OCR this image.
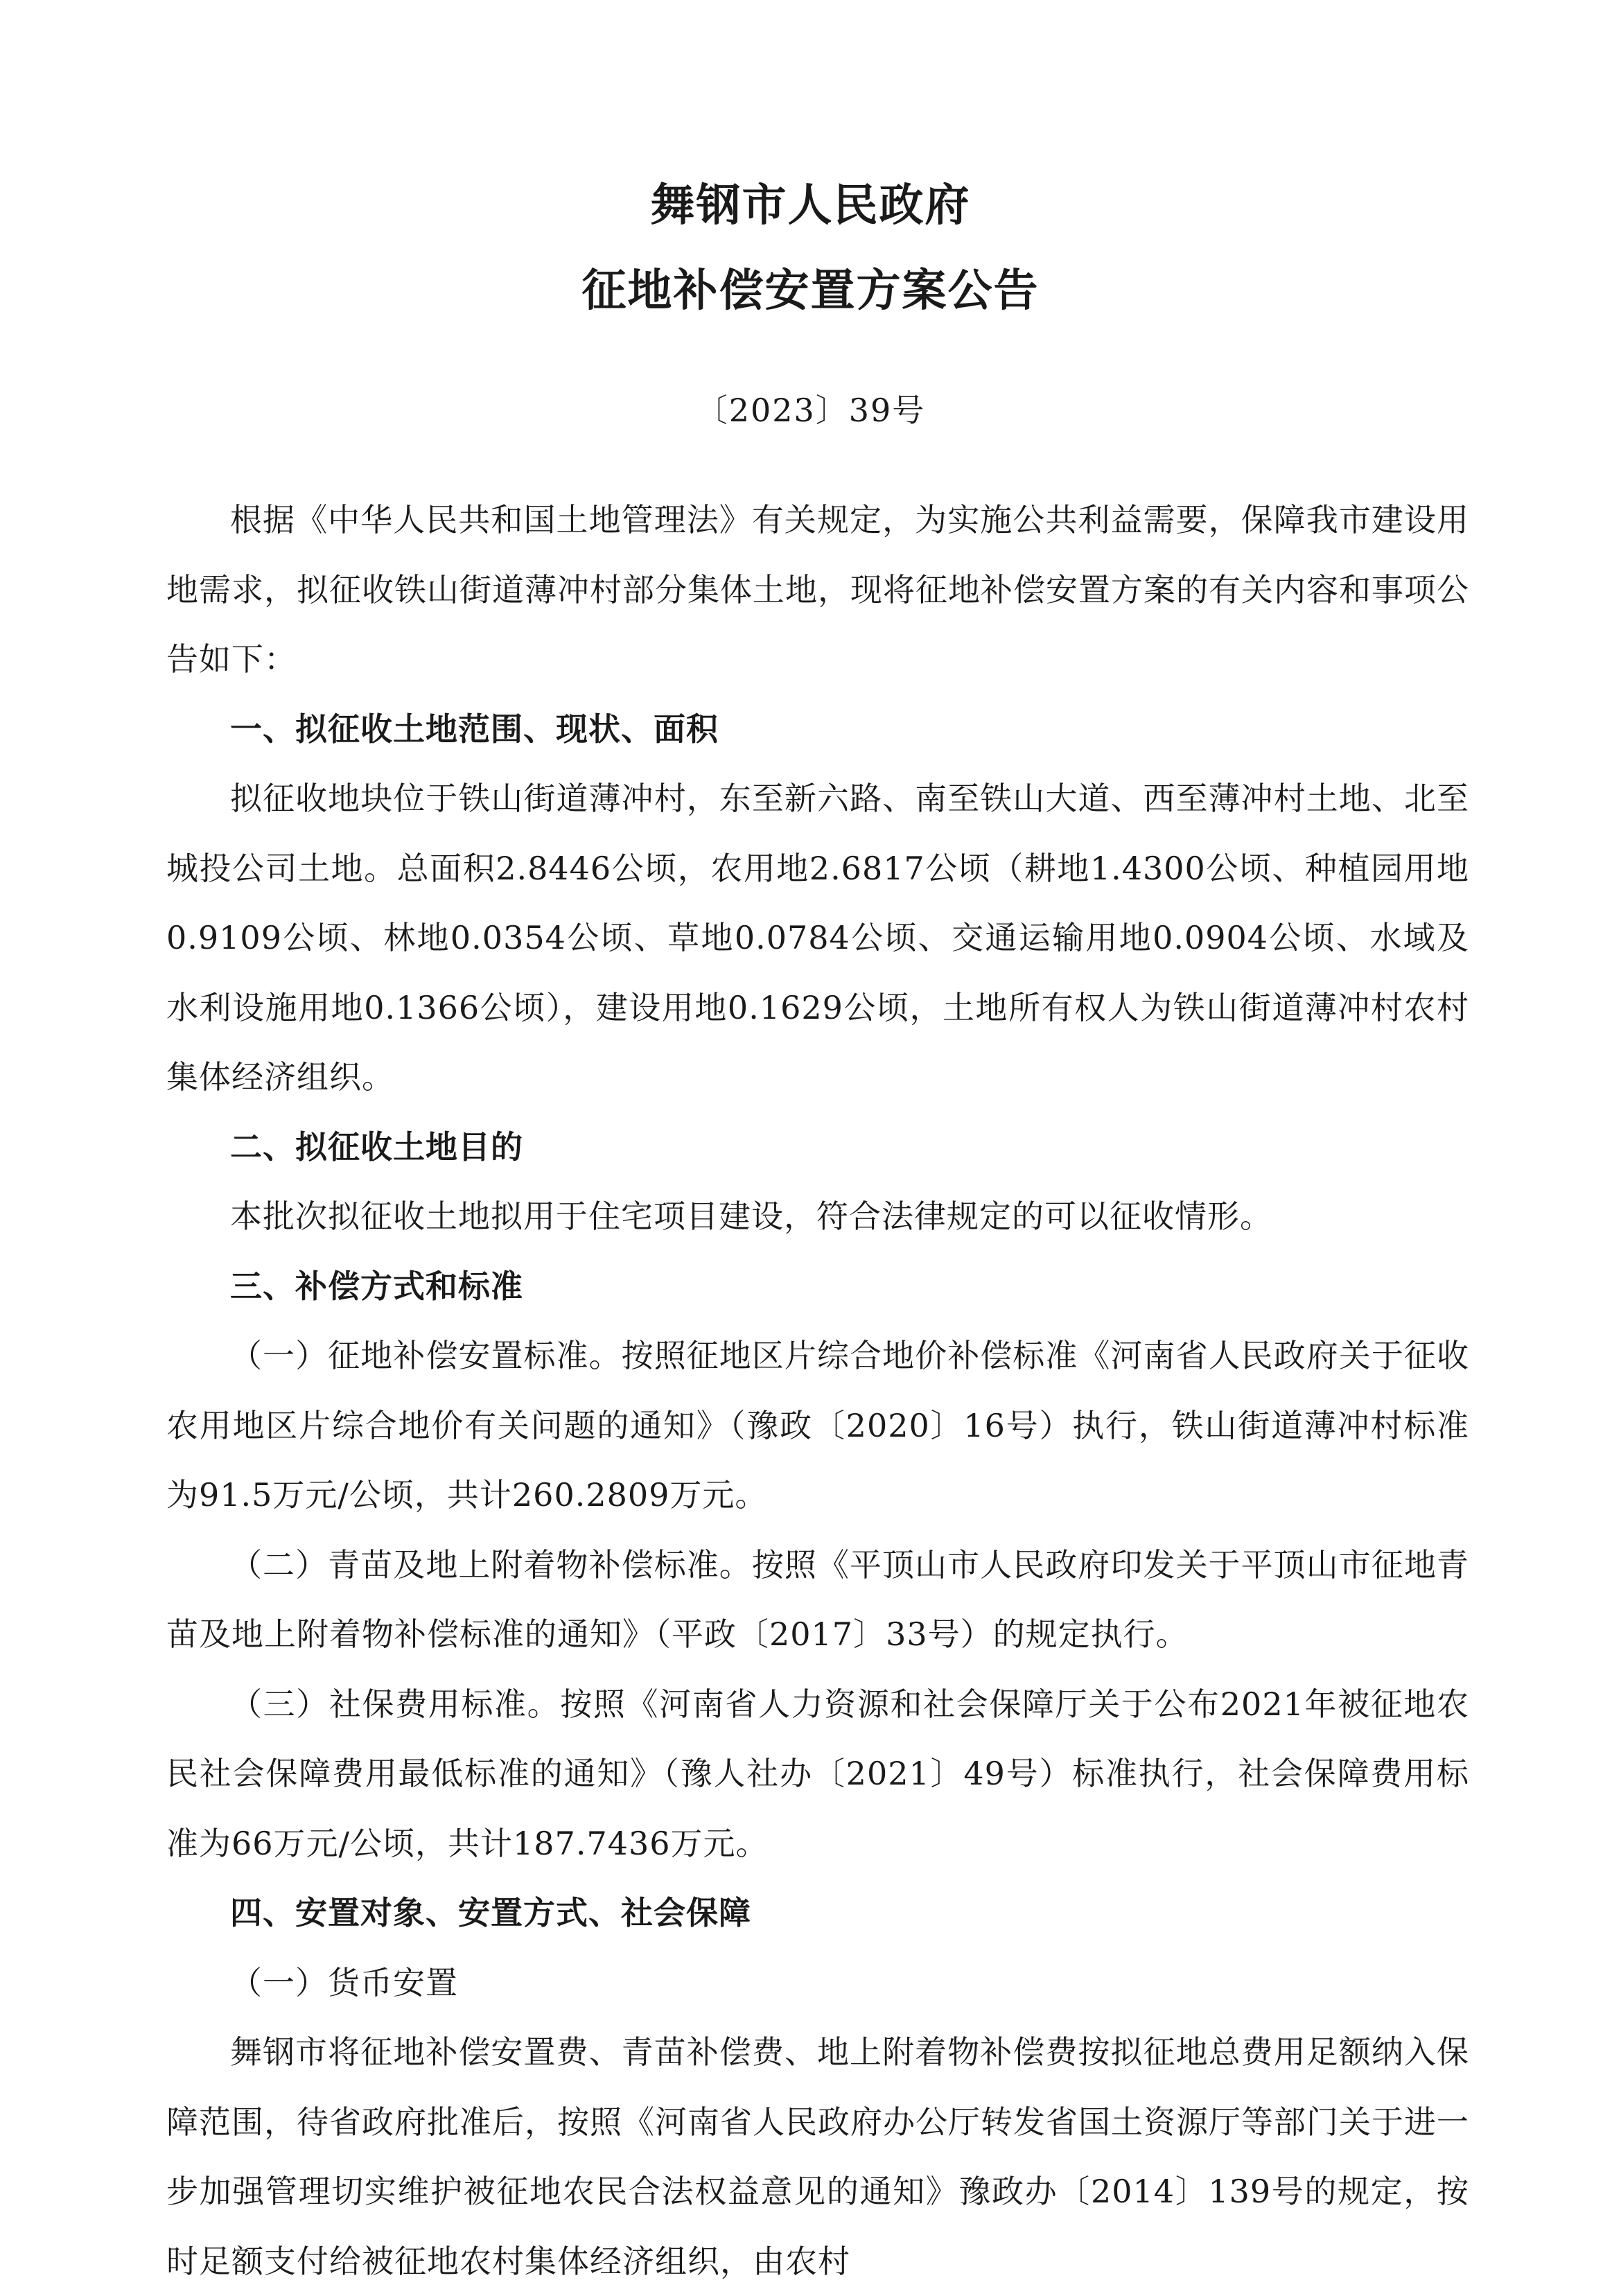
舞钢市人民政府
征地补偿安置方案公告
〔2023〕39号

根据《中华人民共和国土地管理法》有关规定，为实施公共利益需要，保障我市建设用地需求，拟征收铁山街道薄冲村部分集体土地，现将征地补偿安置方案的有关内容和事项公告如下：

一、拟征收土地范围、现状、面积

拟征收地块位于铁山街道薄冲村，东至新六路、南至铁山大道、西至薄冲村土地、北至城投公司土地。总面积2.8446公顷，农用地2.6817公顷（耕地1.4300公顷、种植园用地0.9109公顷、林地0.0354公顷、草地0.0784公顷、交通运输用地0.0904公顷、水域及水利设施用地0.1366公顷），建设用地0.1629公顷，土地所有权人为铁山街道薄冲村农村集体经济组织。

二、拟征收土地目的

本批次拟征收土地拟用于住宅项目建设，符合法律规定的可以征收情形。

三、补偿方式和标准

（一）征地补偿安置标准。按照征地区片综合地价补偿标准《河南省人民政府关于征收农用地区片综合地价有关问题的通知》（豫政〔2020〕16号）执行，铁山街道薄冲村标准为91.5万元/公顷，共计260.2809万元。

（二）青苗及地上附着物补偿标准。按照《平顶山市人民政府印发关于平顶山市征地青苗及地上附着物补偿标准的通知》（平政〔2017〕33号）的规定执行。

（三）社保费用标准。按照《河南省人力资源和社会保障厅关于公布2021年被征地农民社会保障费用最低标准的通知》（豫人社办〔2021〕49号）标准执行，社会保障费用标准为66万元/公顷，共计187.7436万元。

四、安置对象、安置方式、社会保障

（一）货币安置

舞钢市将征地补偿安置费、青苗补偿费、地上附着物补偿费按拟征地总费用足额纳入保障范围，待省政府批准后，按照《河南省人民政府办公厅转发省国土资源厅等部门关于进一步加强管理切实维护被征地农民合法权益意见的通知》豫政办〔2014〕139号的规定，按时足额支付给被征地农村集体经济组织，由农村
